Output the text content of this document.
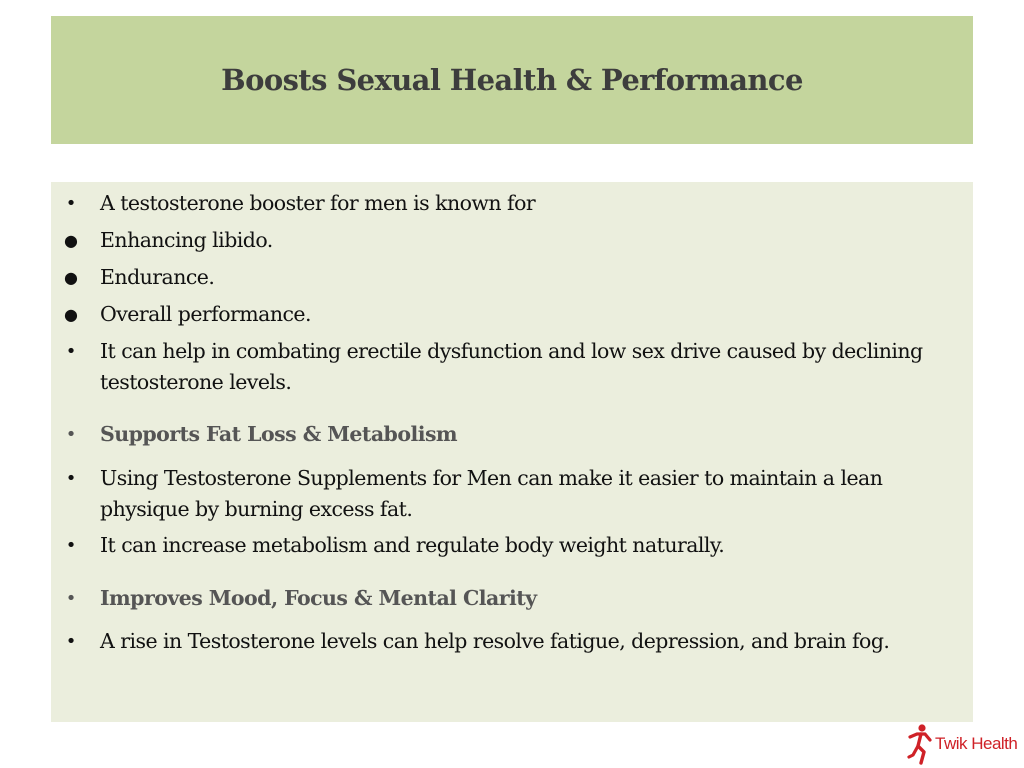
Boosts Sexual Health & Performance
•	A testosterone booster for men is known for
● Enhancing libido.
● Endurance.
● Overall performance.
•	It can help in combating erectile dysfunction and low sex drive caused by declining testosterone levels.
•	Supports Fat Loss & Metabolism
•	Using Testosterone Supplements for Men can make it easier to maintain a lean physique by burning excess fat.
•	It can increase metabolism and regulate body weight naturally.
•	Improves Mood, Focus & Mental Clarity
•	A rise in Testosterone levels can help resolve fatigue, depression, and brain fog.
Twik Health
